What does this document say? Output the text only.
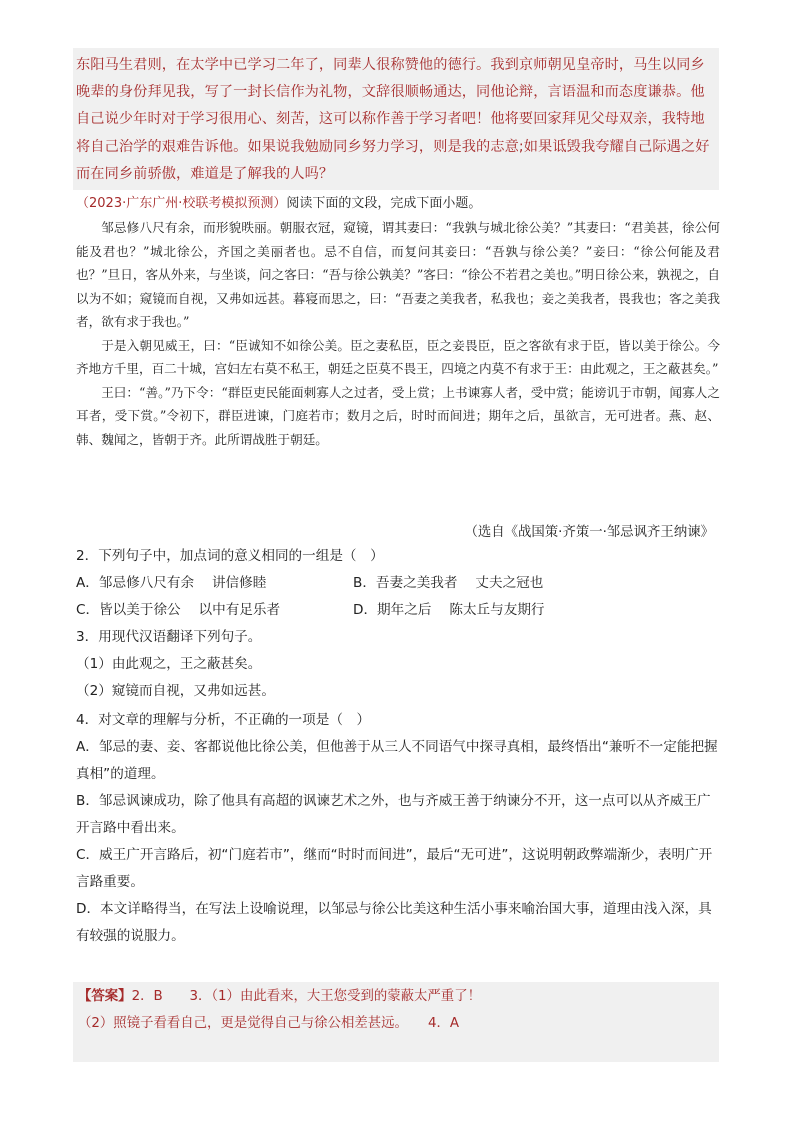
东阳马生君则，在太学中已学习二年了，同辈人很称赞他的德行。我到京师朝见皇帝时，马生以同乡晚辈的身份拜见我，写了一封长信作为礼物，文辞很顺畅通达，同他论辩，言语温和而态度谦恭。他自己说少年时对于学习很用心、刻苦，这可以称作善于学习者吧！他将要回家拜见父母双亲，我特地将自己治学的艰难告诉他。如果说我勉励同乡努力学习，则是我的志意;如果诋毁我夸耀自己际遇之好而在同乡前骄傲，难道是了解我的人吗？
（2023·广东广州·校联考模拟预测）阅读下面的文段，完成下面小题。

邹忌修八尺有余，而形貌昳丽。朝服衣冠，窥镜，谓其妻曰：“我孰与城北徐公美？”其妻曰：“君美甚，徐公何能及君也？”城北徐公，齐国之美丽者也。忌不自信，而复问其妾曰：“吾孰与徐公美？”妾曰：“徐公何能及君也？”旦日，客从外来，与坐谈，问之客曰：“吾与徐公孰美？”客曰：“徐公不若君之美也。”明日徐公来，孰视之，自以为不如；窥镜而自视，又弗如远甚。暮寝而思之，曰：“吾妻之美我者，私我也；妾之美我者，畏我也；客之美我者，欲有求于我也。”

于是入朝见威王，曰：“臣诚知不如徐公美。臣之妻私臣，臣之妾畏臣，臣之客欲有求于臣，皆以美于徐公。今齐地方千里，百二十城，宫妇左右莫不私王，朝廷之臣莫不畏王，四境之内莫不有求于王：由此观之，王之蔽甚矣。”

王曰：“善。”乃下令：“群臣吏民能面刺寡人之过者，受上赏；上书谏寡人者，受中赏；能谤讥于市朝，闻寡人之耳者，受下赏。”令初下，群臣进谏，门庭若市；数月之后，时时而间进；期年之后，虽欲言，无可进者。燕、赵、韩、魏闻之，皆朝于齐。此所谓战胜于朝廷。

（选自《战国策·齐策一·邹忌讽齐王纳谏》
2．下列句子中，加点词的意义相同的一组是（　）
A．邹忌修八尺有余　 讲信修睦	B．吾妻之美我者　 丈夫之冠也
C．皆以美于徐公　 以中有足乐者	D．期年之后　 陈太丘与友期行
3．用现代汉语翻译下列句子。
（1）由此观之，王之蔽甚矣。
（2）窥镜而自视，又弗如远甚。
4．对文章的理解与分析，不正确的一项是（　）
A．邹忌的妻、妾、客都说他比徐公美，但他善于从三人不同语气中探寻真相，最终悟出“兼听不一定能把握真相”的道理。
B．邹忌讽谏成功，除了他具有高超的讽谏艺术之外，也与齐威王善于纳谏分不开，这一点可以从齐威王广开言路中看出来。
C．威王广开言路后，初“门庭若市”，继而“时时而间进”，最后“无可进”，这说明朝政弊端渐少，表明广开言路重要。
D．本文详略得当，在写法上设喻说理，以邹忌与徐公比美这种生活小事来喻治国大事，道理由浅入深，具有较强的说服力。
【答案】2．B　　3．（1）由此看来，大王您受到的蒙蔽太严重了！
（2）照镜子看看自己，更是觉得自己与徐公相差甚远。　　4．A
